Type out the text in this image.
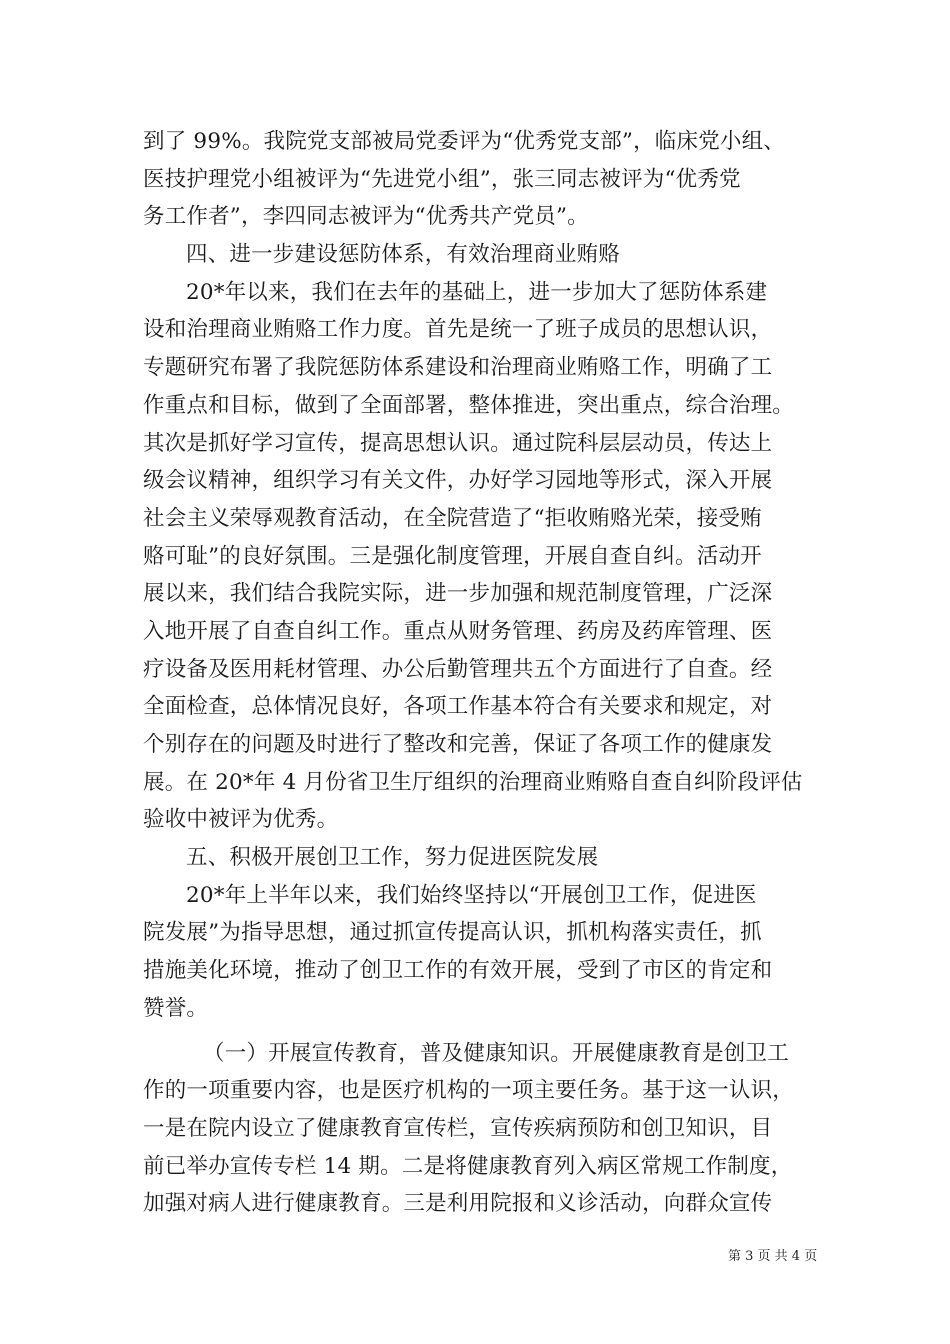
到了 99%。我院党支部被局党委评为“优秀党支部”，临床党小组、
医技护理党小组被评为“先进党小组”，张三同志被评为“优秀党
务工作者”，李四同志被评为“优秀共产党员”。
四、进一步建设惩防体系，有效治理商业贿赂
20*年以来，我们在去年的基础上，进一步加大了惩防体系建
设和治理商业贿赂工作力度。首先是统一了班子成员的思想认识，
专题研究布署了我院惩防体系建设和治理商业贿赂工作，明确了工
作重点和目标，做到了全面部署，整体推进，突出重点，综合治理。
其次是抓好学习宣传，提高思想认识。通过院科层层动员，传达上
级会议精神，组织学习有关文件，办好学习园地等形式，深入开展
社会主义荣辱观教育活动，在全院营造了“拒收贿赂光荣，接受贿
赂可耻”的良好氛围。三是强化制度管理，开展自查自纠。活动开
展以来，我们结合我院实际，进一步加强和规范制度管理，广泛深
入地开展了自查自纠工作。重点从财务管理、药房及药库管理、医
疗设备及医用耗材管理、办公后勤管理共五个方面进行了自查。经
全面检查，总体情况良好，各项工作基本符合有关要求和规定，对
个别存在的问题及时进行了整改和完善，保证了各项工作的健康发
展。在 20*年 4 月份省卫生厅组织的治理商业贿赂自查自纠阶段评估
验收中被评为优秀。
五、积极开展创卫工作，努力促进医院发展
20*年上半年以来，我们始终坚持以“开展创卫工作，促进医
院发展”为指导思想，通过抓宣传提高认识，抓机构落实责任，抓
措施美化环境，推动了创卫工作的有效开展，受到了市区的肯定和
赞誉。
（一）开展宣传教育，普及健康知识。开展健康教育是创卫工
作的一项重要内容，也是医疗机构的一项主要任务。基于这一认识，
一是在院内设立了健康教育宣传栏，宣传疾病预防和创卫知识，目
前已举办宣传专栏 14 期。二是将健康教育列入病区常规工作制度，
加强对病人进行健康教育。三是利用院报和义诊活动，向群众宣传
第 3 页 共 4 页
